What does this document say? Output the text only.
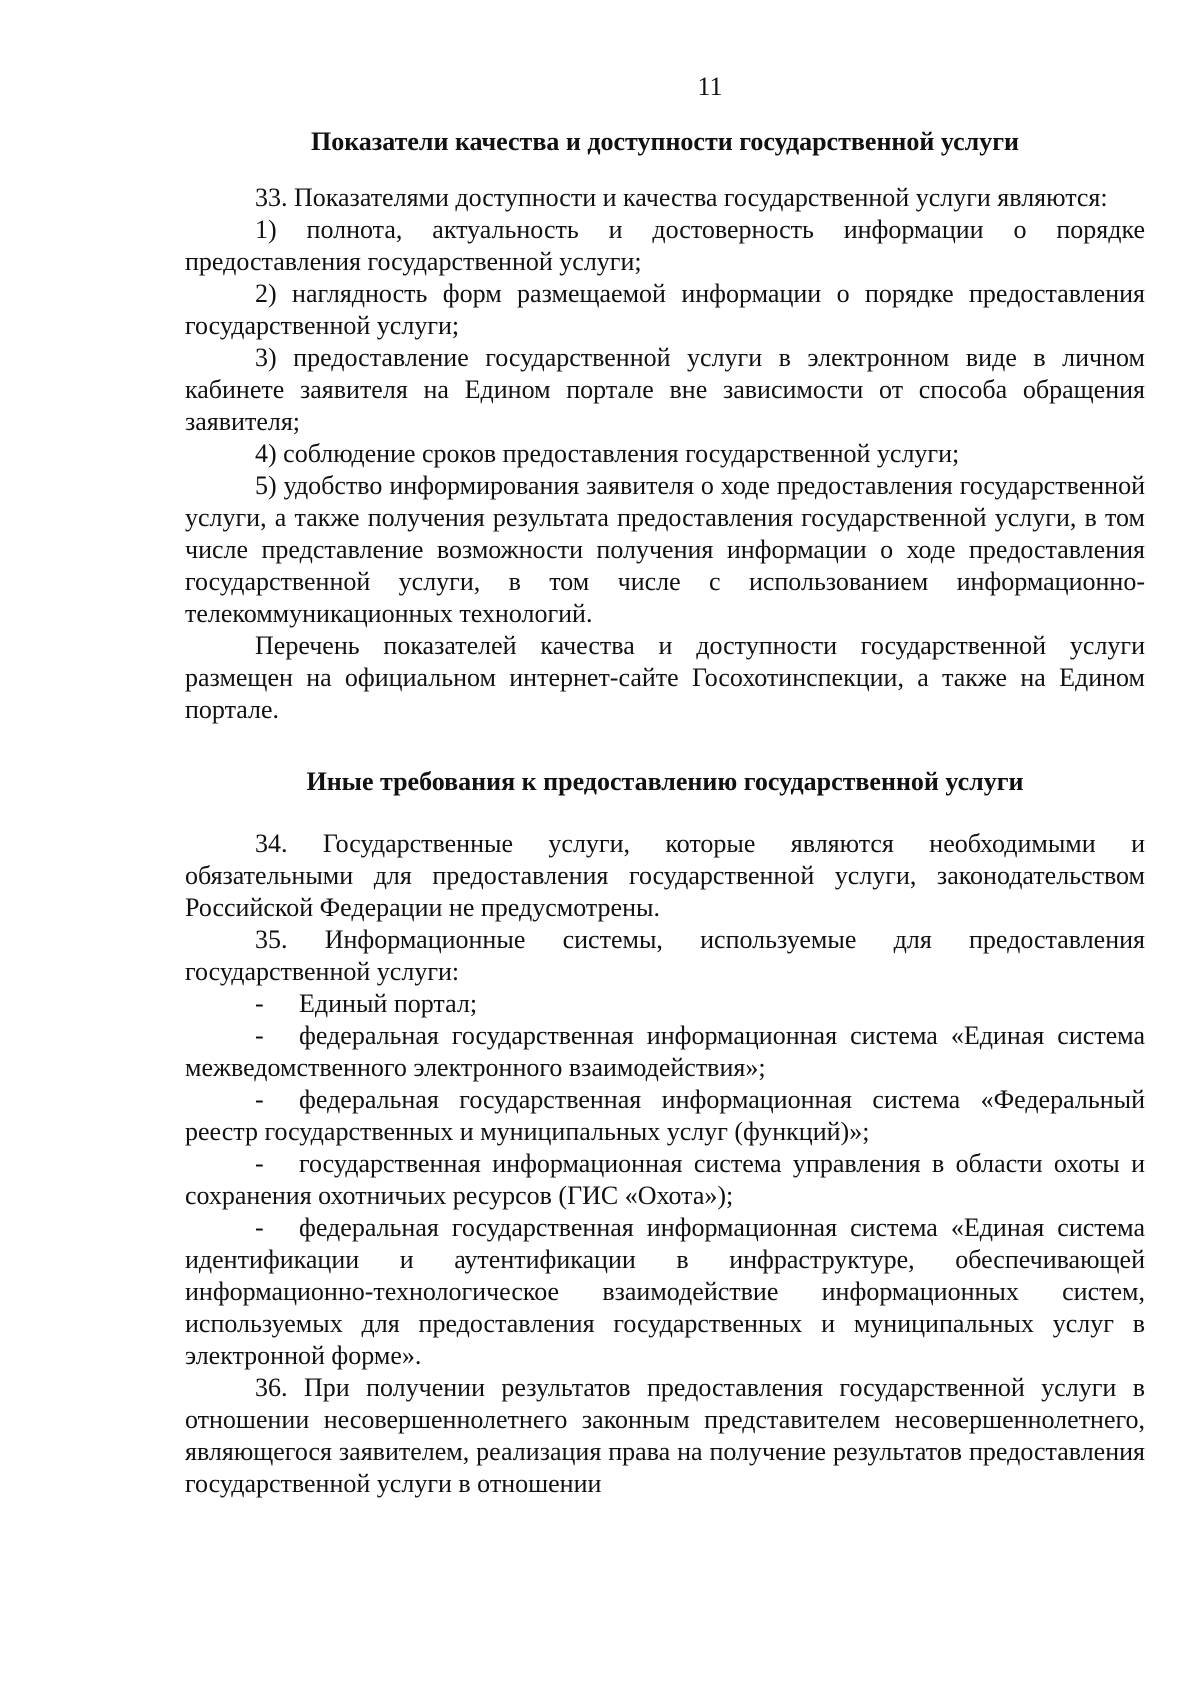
11
Показатели качества и доступности государственной услуги

33. Показателями доступности и качества государственной услуги являются:

1) полнота, актуальность и достоверность информации о порядке предоставления государственной услуги;

2) наглядность форм размещаемой информации о порядке предоставления государственной услуги;

3) предоставление государственной услуги в электронном виде в личном кабинете заявителя на Едином портале вне зависимости от способа обращения заявителя;

4) соблюдение сроков предоставления государственной услуги;

5) удобство информирования заявителя о ходе предоставления государственной услуги, а также получения результата предоставления государственной услуги, в том числе представление возможности получения информации о ходе предоставления государственной услуги, в том числе с использованием информационно-телекоммуникационных технологий.

Перечень показателей качества и доступности государственной услуги размещен на официальном интернет-сайте Госохотинспекции, а также на Едином портале.

Иные требования к предоставлению государственной услуги

34. Государственные услуги, которые являются необходимыми и обязательными для предоставления государственной услуги, законодательством Российской Федерации не предусмотрены.

35. Информационные системы, используемые для предоставления государственной услуги:

- Единый портал;

- федеральная государственная информационная система «Единая система межведомственного электронного взаимодействия»;

- федеральная государственная информационная система «Федеральный реестр государственных и муниципальных услуг (функций)»;

- государственная информационная система управления в области охоты и сохранения охотничьих ресурсов (ГИС «Охота»);

- федеральная государственная информационная система «Единая система идентификации и аутентификации в инфраструктуре, обеспечивающей информационно-технологическое взаимодействие информационных систем, используемых для предоставления государственных и муниципальных услуг в электронной форме».

36. При получении результатов предоставления государственной услуги в отношении несовершеннолетнего законным представителем несовершеннолетнего, являющегося заявителем, реализация права на получение результатов предоставления государственной услуги в отношении
